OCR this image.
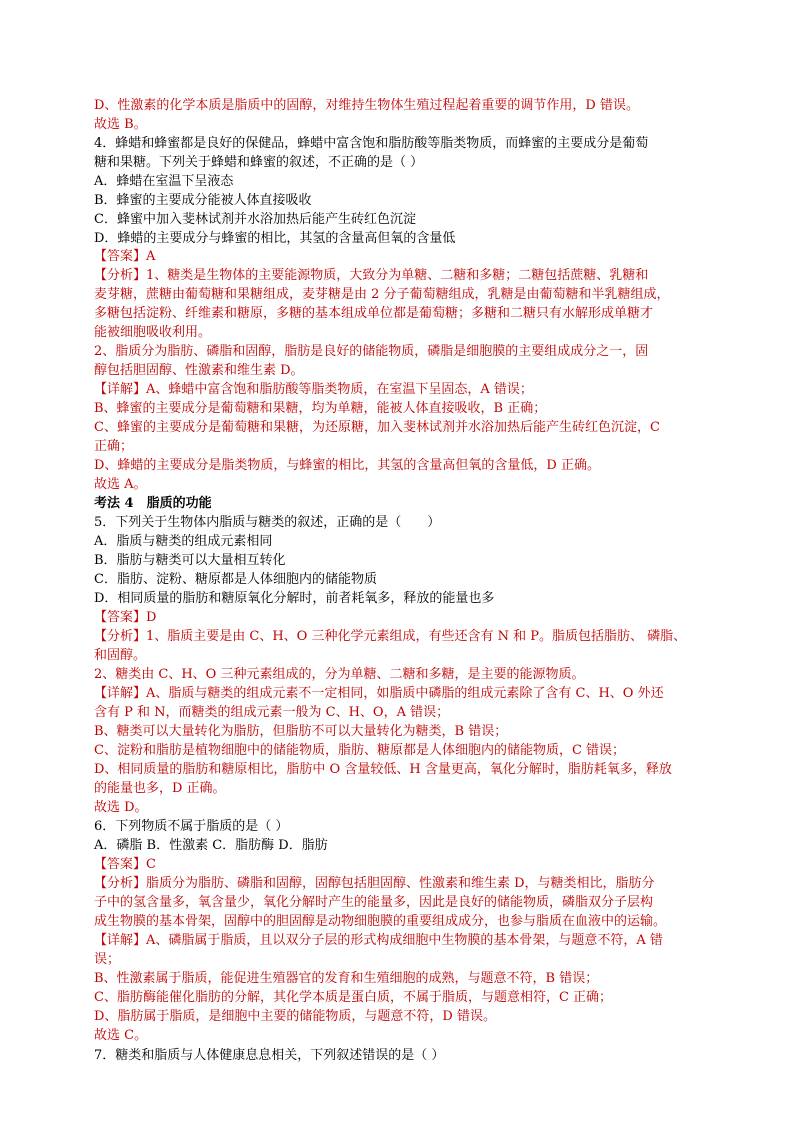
D、性激素的化学本质是脂质中的固醇，对维持生物体生殖过程起着重要的调节作用，D 错误。
故选 B。
4．蜂蜡和蜂蜜都是良好的保健品，蜂蜡中富含饱和脂肪酸等脂类物质，而蜂蜜的主要成分是葡萄
糖和果糖。下列关于蜂蜡和蜂蜜的叙述，不正确的是（ ）
A．蜂蜡在室温下呈液态
B．蜂蜜的主要成分能被人体直接吸收
C．蜂蜜中加入斐林试剂并水浴加热后能产生砖红色沉淀
D．蜂蜡的主要成分与蜂蜜的相比，其氢的含量高但氧的含量低
【答案】A
【分析】1、糖类是生物体的主要能源物质，大致分为单糖、二糖和多糖；二糖包括蔗糖、乳糖和
麦芽糖，蔗糖由葡萄糖和果糖组成，麦芽糖是由 2 分子葡萄糖组成，乳糖是由葡萄糖和半乳糖组成，
多糖包括淀粉、纤维素和糖原，多糖的基本组成单位都是葡萄糖；多糖和二糖只有水解形成单糖才
能被细胞吸收利用。
2、脂质分为脂肪、磷脂和固醇，脂肪是良好的储能物质，磷脂是细胞膜的主要组成成分之一，固
醇包括胆固醇、性激素和维生素 D。
【详解】A、蜂蜡中富含饱和脂肪酸等脂类物质，在室温下呈固态，A 错误；
B、蜂蜜的主要成分是葡萄糖和果糖，均为单糖，能被人体直接吸收，B 正确；
C、蜂蜜的主要成分是葡萄糖和果糖，为还原糖，加入斐林试剂并水浴加热后能产生砖红色沉淀，C
正确；
D、蜂蜡的主要成分是脂类物质，与蜂蜜的相比，其氢的含量高但氧的含量低，D 正确。
故选 A。
考法 4　脂质的功能
5．下列关于生物体内脂质与糖类的叙述，正确的是（　　）
A．脂质与糖类的组成元素相同
B．脂肪与糖类可以大量相互转化
C．脂肪、淀粉、糖原都是人体细胞内的储能物质
D．相同质量的脂肪和糖原氧化分解时，前者耗氧多，释放的能量也多
【答案】D
【分析】1、脂质主要是由 C、H、O 三种化学元素组成，有些还含有 N 和 P。脂质包括脂肪、 磷脂、
和固醇。
2、糖类由 C、H、O 三种元素组成的，分为单糖、二糖和多糖，是主要的能源物质。
【详解】A、脂质与糖类的组成元素不一定相同，如脂质中磷脂的组成元素除了含有 C、H、O 外还
含有 P 和 N，而糖类的组成元素一般为 C、H、O，A 错误；
B、糖类可以大量转化为脂肪，但脂肪不可以大量转化为糖类，B 错误；
C、淀粉和脂肪是植物细胞中的储能物质，脂肪、糖原都是人体细胞内的储能物质，C 错误；
D、相同质量的脂肪和糖原相比，脂肪中 O 含量较低、H 含量更高，氧化分解时，脂肪耗氧多，释放
的能量也多，D 正确。
故选 D。
6．下列物质不属于脂质的是（ ）
A．磷脂 B．性激素 C．脂肪酶 D．脂肪
【答案】C
【分析】脂质分为脂肪、磷脂和固醇，固醇包括胆固醇、性激素和维生素 D，与糖类相比，脂肪分
子中的氢含量多，氧含量少，氧化分解时产生的能量多，因此是良好的储能物质，磷脂双分子层构
成生物膜的基本骨架，固醇中的胆固醇是动物细胞膜的重要组成成分，也参与脂质在血液中的运输。
【详解】A、磷脂属于脂质，且以双分子层的形式构成细胞中生物膜的基本骨架，与题意不符，A 错
误；
B、性激素属于脂质，能促进生殖器官的发育和生殖细胞的成熟，与题意不符，B 错误；
C、脂肪酶能催化脂肪的分解，其化学本质是蛋白质，不属于脂质，与题意相符，C 正确；
D、脂肪属于脂质，是细胞中主要的储能物质，与题意不符，D 错误。
故选 C。
7．糖类和脂质与人体健康息息相关，下列叙述错误的是（ ）
